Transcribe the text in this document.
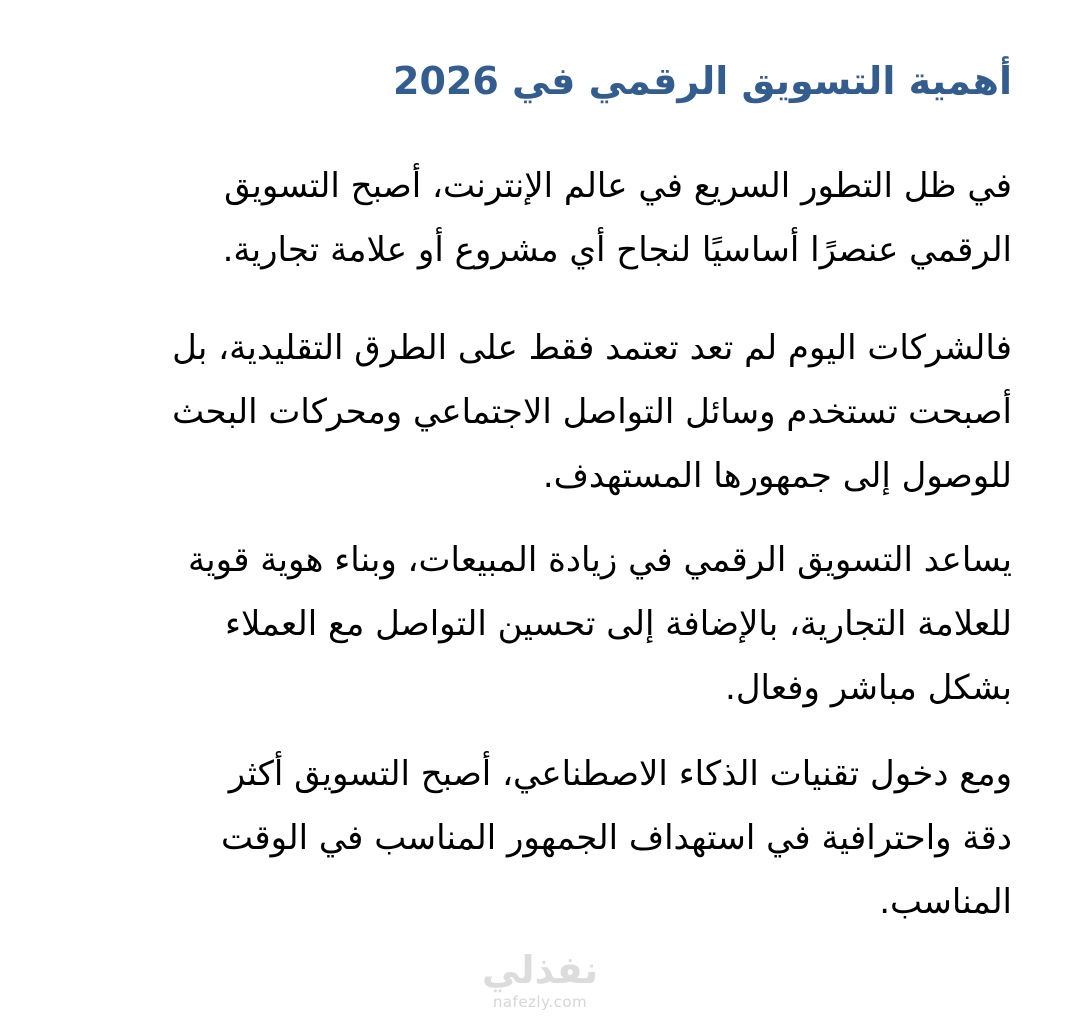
أهمية التسويق الرقمي في 2026

في ظل التطور السريع في عالم الإنترنت، أصبح التسويق
الرقمي عنصرًا أساسيًا لنجاح أي مشروع أو علامة تجارية.

فالشركات اليوم لم تعد تعتمد فقط على الطرق التقليدية، بل
أصبحت تستخدم وسائل التواصل الاجتماعي ومحركات البحث
للوصول إلى جمهورها المستهدف.

يساعد التسويق الرقمي في زيادة المبيعات، وبناء هوية قوية
للعلامة التجارية، بالإضافة إلى تحسين التواصل مع العملاء
بشكل مباشر وفعال.

ومع دخول تقنيات الذكاء الاصطناعي، أصبح التسويق أكثر
دقة واحترافية في استهداف الجمهور المناسب في الوقت
المناسب.

نفذلي
nafezly.com
